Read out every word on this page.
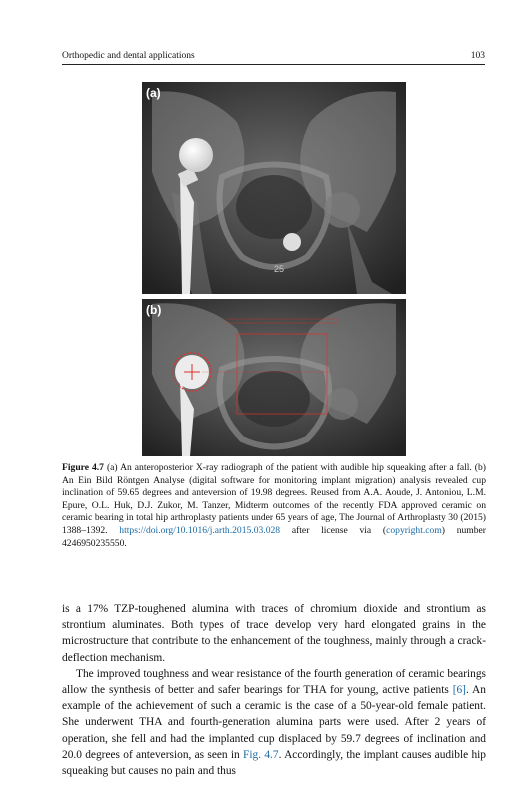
Orthopedic and dental applications	103
25
(a)
(b)
Figure 4.7 (a) An anteroposterior X-ray radiograph of the patient with audible hip squeaking after a fall. (b) An Ein Bild Röntgen Analyse (digital software for monitoring implant migration) analysis revealed cup inclination of 59.65 degrees and anteversion of 19.98 degrees. Reused from A.A. Aoude, J. Antoniou, L.M. Epure, O.L. Huk, D.J. Zukor, M. Tanzer, Midterm outcomes of the recently FDA approved ceramic on ceramic bearing in total hip arthroplasty patients under 65 years of age, The Journal of Arthroplasty 30 (2015) 1388–1392. https://doi.org/10.1016/j.arth.2015.03.028 after license via (copyright.com) number 4246950235550.

is a 17% TZP-toughened alumina with traces of chromium dioxide and strontium as strontium aluminates. Both types of trace develop very hard elongated grains in the microstructure that contribute to the enhancement of the toughness, mainly through a crack-deflection mechanism.

The improved toughness and wear resistance of the fourth generation of ceramic bearings allow the synthesis of better and safer bearings for THA for young, active patients [6]. An example of the achievement of such a ceramic is the case of a 50-year-old female patient. She underwent THA and fourth-generation alumina parts were used. After 2 years of operation, she fell and had the implanted cup displaced by 59.7 degrees of inclination and 20.0 degrees of anteversion, as seen in Fig. 4.7. Accordingly, the implant causes audible hip squeaking but causes no pain and thus
